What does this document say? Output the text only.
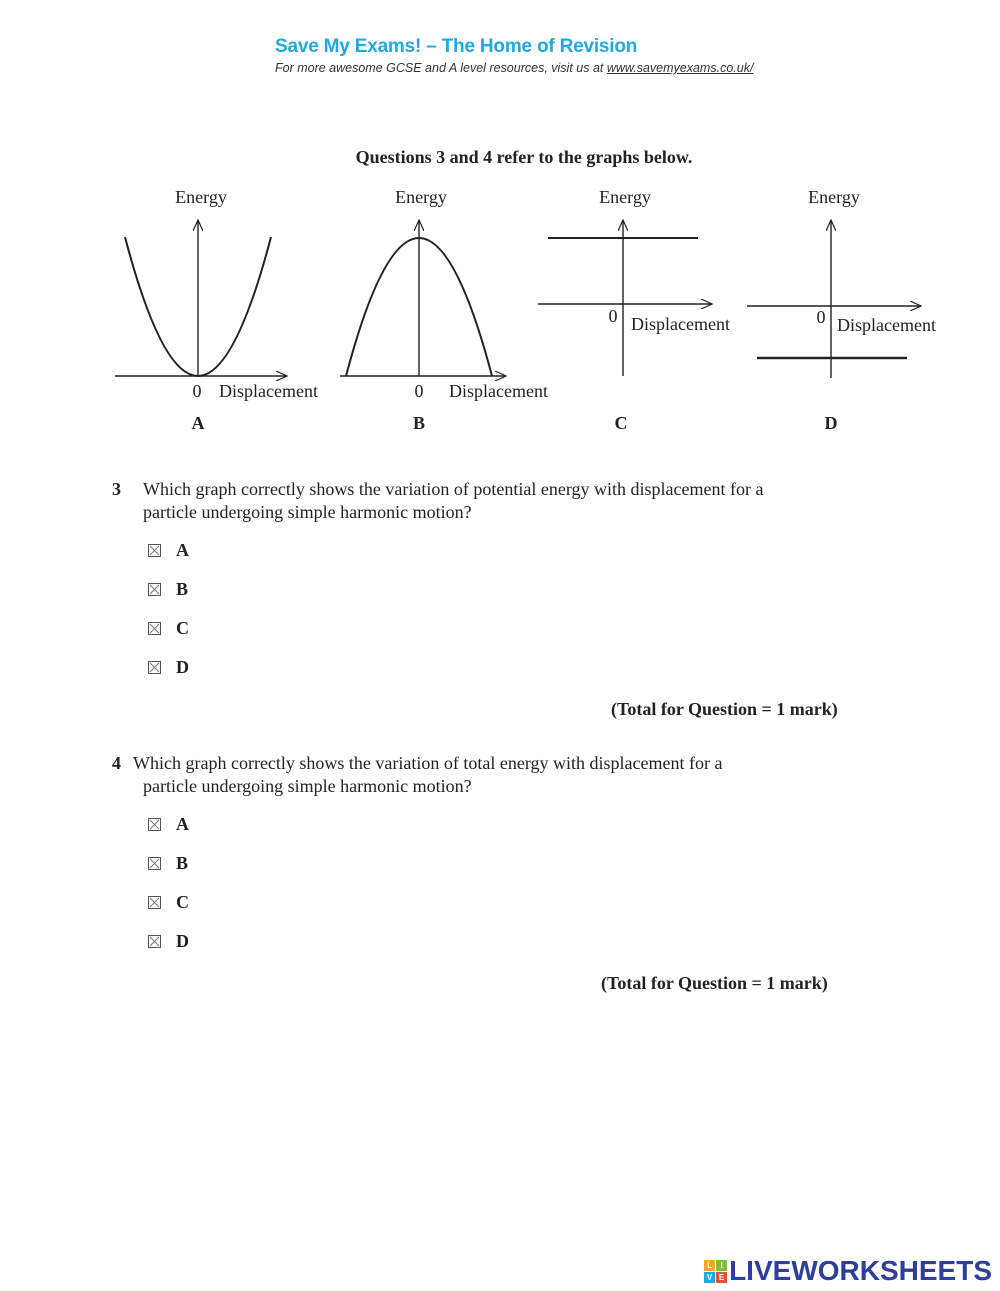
Save My Exams! – The Home of Revision
For more awesome GCSE and A level resources, visit us at www.savemyexams.co.uk/
Questions 3 and 4 refer to the graphs below.
Energy
0 Displacement
A
Energy
0 Displacement
B
Energy
0 Displacement
C
Energy
0 Displacement
D
3 Which graph correctly shows the variation of potential energy with displacement for a
particle undergoing simple harmonic motion?
A
B
C
D
(Total for Question = 1 mark)
4 Which graph correctly shows the variation of total energy with displacement for a
particle undergoing simple harmonic motion?
A
B
C
D
(Total for Question = 1 mark)
L	I
V E LIVEWORKSHEETS
